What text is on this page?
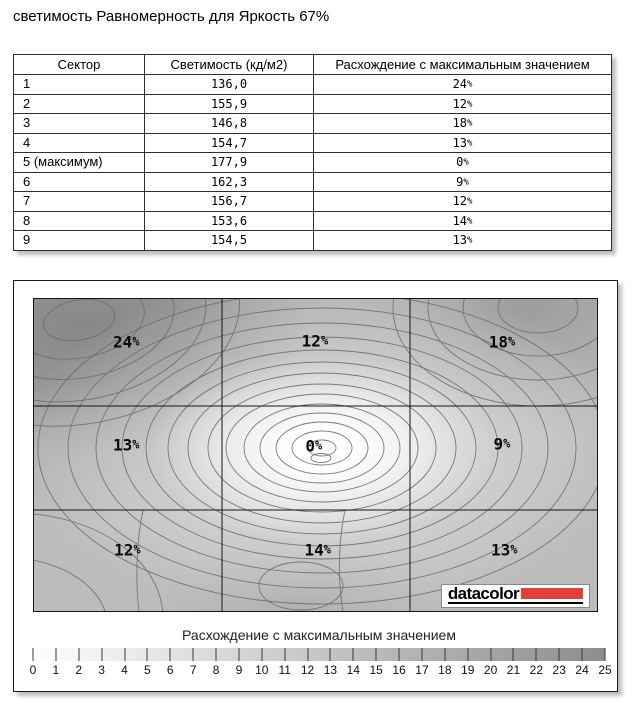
светимость Равномерность для Яркость 67%
Сектор	Светимость (кд/м2)	Расхождение с максимальным значением
1	136,0	24%
2	155,9	12%
3	146,8	18%
4	154,7	13%
5 (максимум)	177,9	0%
6	162,3	9%
7	156,7	12%
8	153,6	14%
9	154,5	13%
24%	12%	18%
13%	0%	9%
12%	14%	13%
datacolor
Расхождение с максимальным значением
0 1 2 3 4 5 6 7 8 9 10 11 12 13 14 15 16 17 18 19 20 21 22 23 24 25
